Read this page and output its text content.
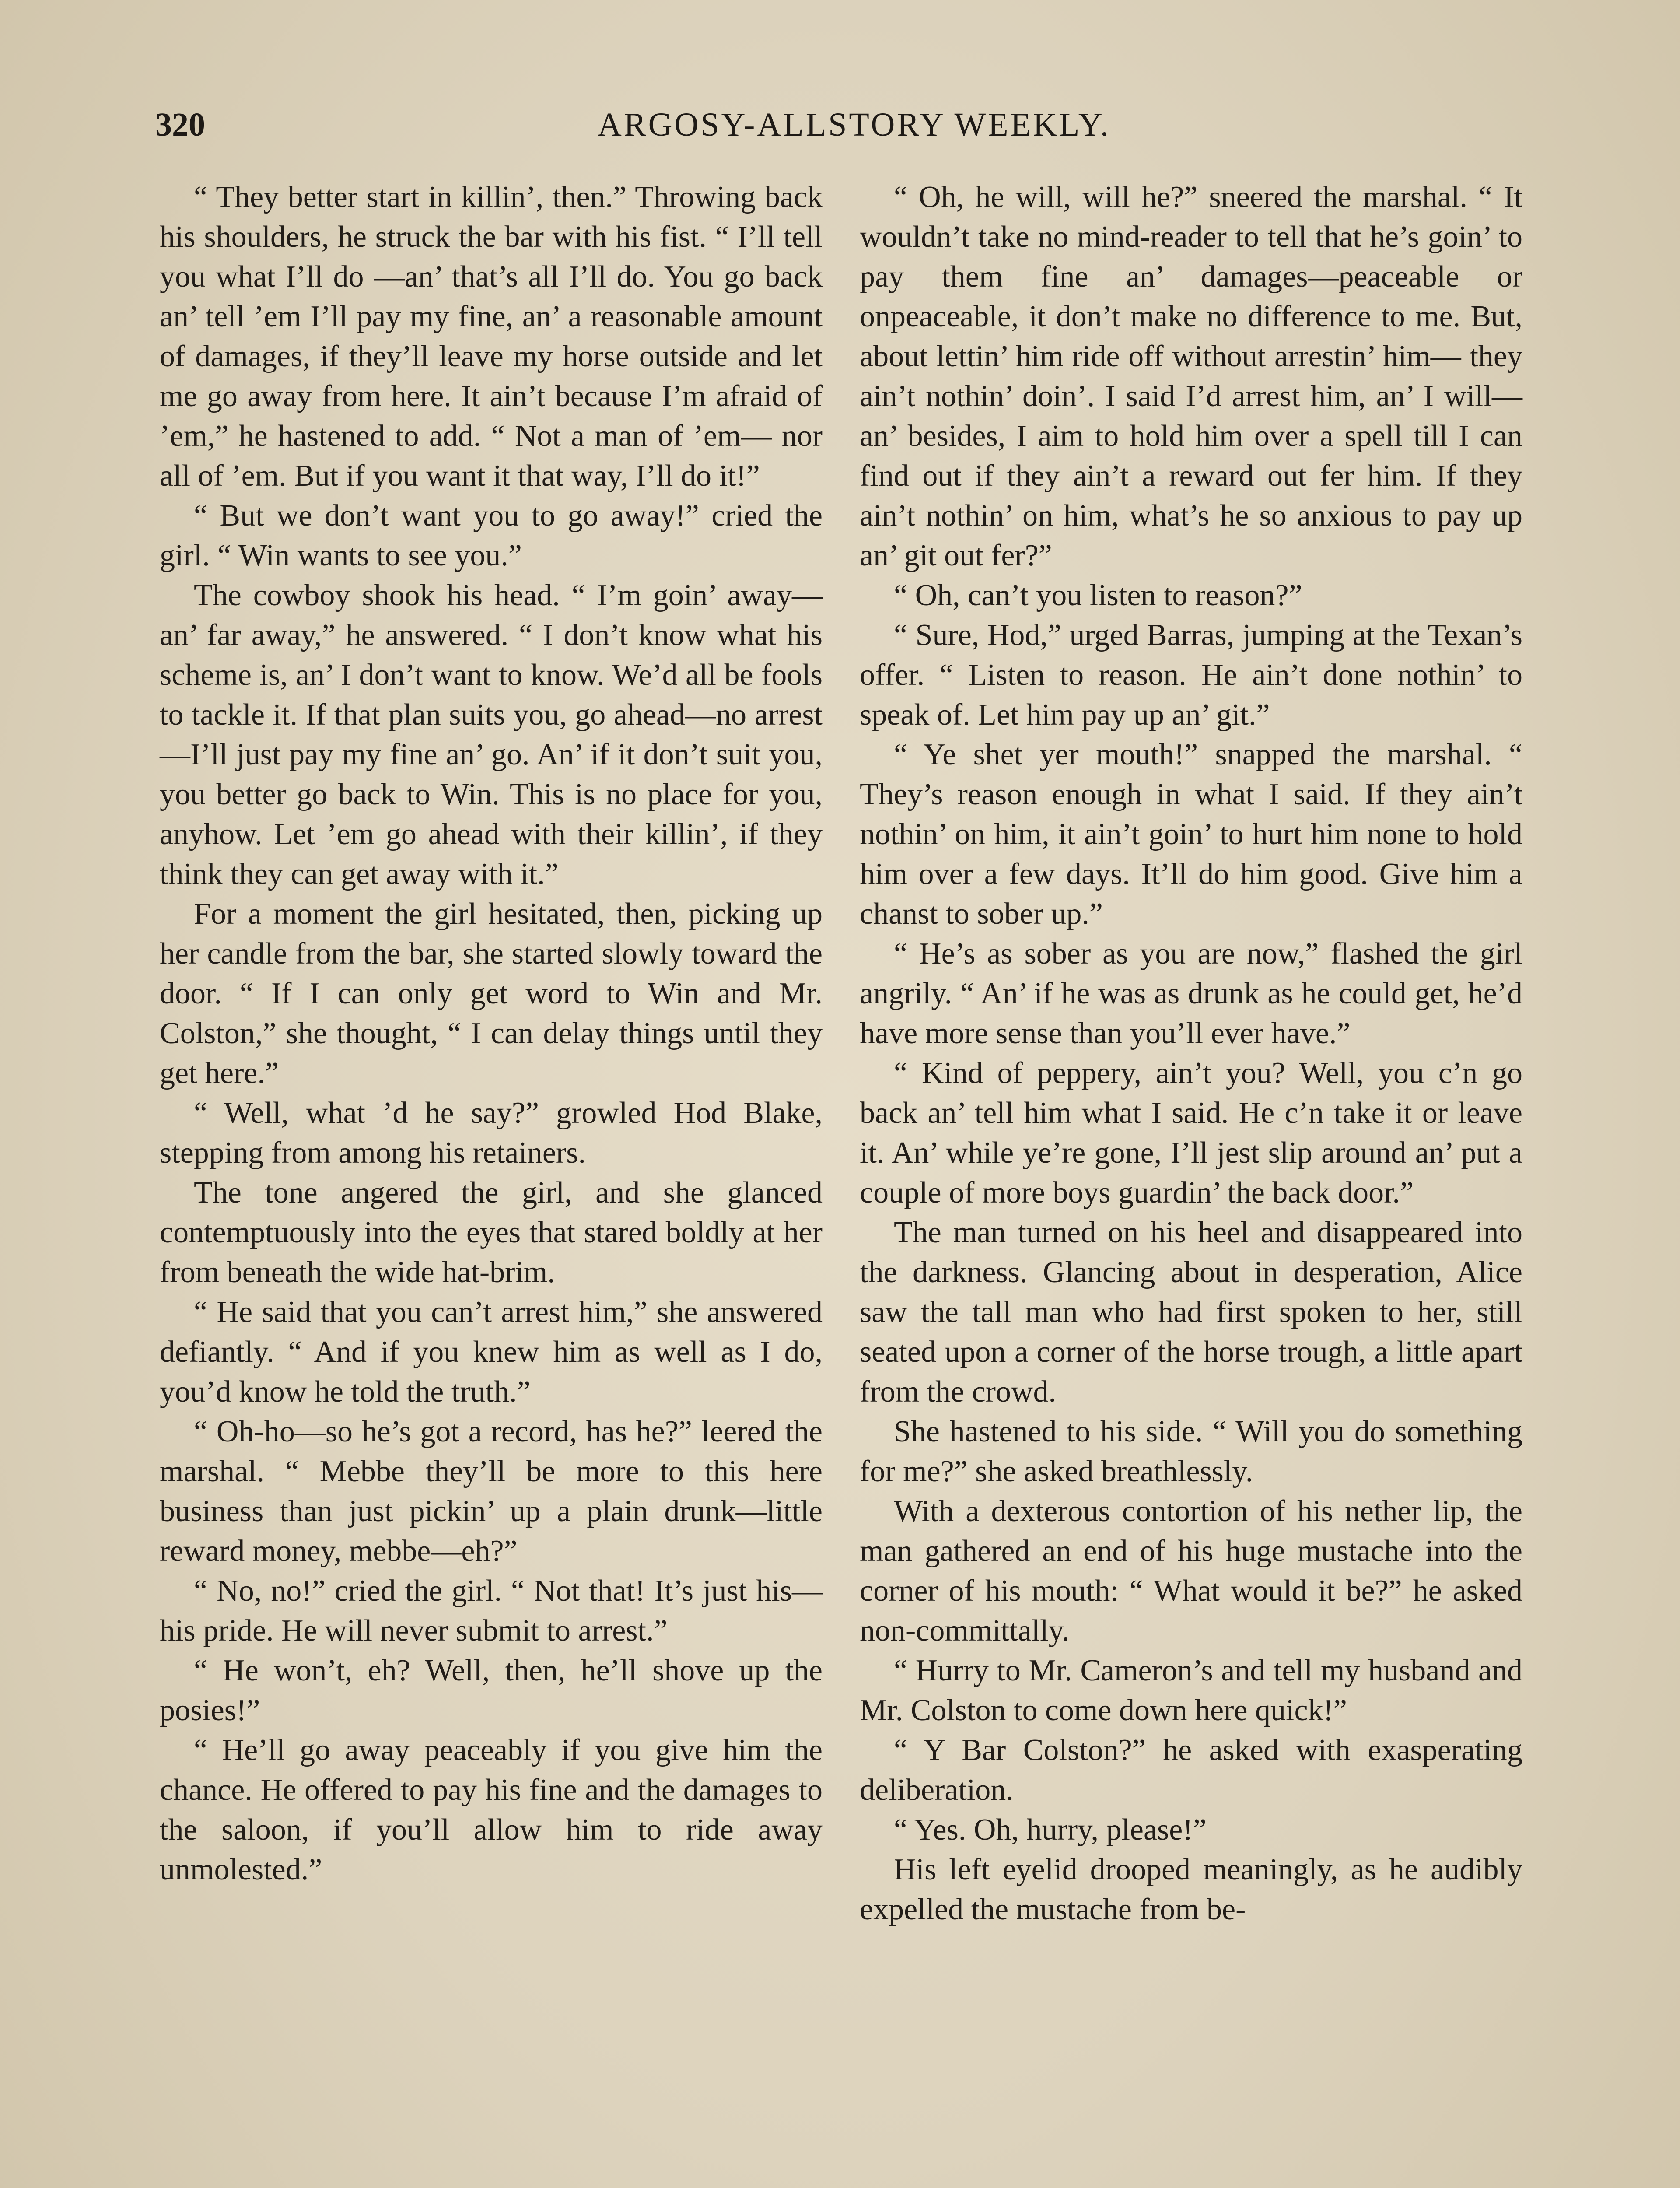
320	ARGOSY-ALLSTORY WEEKLY.

“ They better start in killin’, then.” Throwing back his shoulders, he struck the bar with his fist. “ I’ll tell you what I’ll do —an’ that’s all I’ll do. You go back an’ tell ’em I’ll pay my fine, an’ a reasonable amount of damages, if they’ll leave my horse outside and let me go away from here. It ain’t because I’m afraid of ’em,” he hastened to add. “ Not a man of ’em— nor all of ’em. But if you want it that way, I’ll do it!”

“ But we don’t want you to go away!” cried the girl. “ Win wants to see you.”

The cowboy shook his head. “ I’m goin’ away—an’ far away,” he answered. “ I don’t know what his scheme is, an’ I don’t want to know. We’d all be fools to tackle it. If that plan suits you, go ahead—no arrest—I’ll just pay my fine an’ go. An’ if it don’t suit you, you better go back to Win. This is no place for you, anyhow. Let ’em go ahead with their killin’, if they think they can get away with it.”

For a moment the girl hesitated, then, picking up her candle from the bar, she started slowly toward the door. “ If I can only get word to Win and Mr. Colston,” she thought, “ I can delay things until they get here.”

“ Well, what ’d he say?” growled Hod Blake, stepping from among his retainers.

The tone angered the girl, and she glanced contemptuously into the eyes that stared boldly at her from beneath the wide hat-brim.

“ He said that you can’t arrest him,” she answered defiantly. “ And if you knew him as well as I do, you’d know he told the truth.”

“ Oh-ho—so he’s got a record, has he?” leered the marshal. “ Mebbe they’ll be more to this here business than just pickin’ up a plain drunk—little reward money, mebbe—eh?”

“ No, no!” cried the girl. “ Not that! It’s just his—his pride. He will never submit to arrest.”

“ He won’t, eh? Well, then, he’ll shove up the posies!”

“ He’ll go away peaceably if you give him the chance. He offered to pay his fine and the damages to the saloon, if you’ll allow him to ride away unmolested.”

“ Oh, he will, will he?” sneered the marshal. “ It wouldn’t take no mind-reader to tell that he’s goin’ to pay them fine an’ damages—peaceable or onpeaceable, it don’t make no difference to me. But, about lettin’ him ride off without arrestin’ him— they ain’t nothin’ doin’. I said I’d arrest him, an’ I will—an’ besides, I aim to hold him over a spell till I can find out if they ain’t a reward out fer him. If they ain’t nothin’ on him, what’s he so anxious to pay up an’ git out fer?”

“ Oh, can’t you listen to reason?”

“ Sure, Hod,” urged Barras, jumping at the Texan’s offer. “ Listen to reason. He ain’t done nothin’ to speak of. Let him pay up an’ git.”

“ Ye shet yer mouth!” snapped the marshal. “ They’s reason enough in what I said. If they ain’t nothin’ on him, it ain’t goin’ to hurt him none to hold him over a few days. It’ll do him good. Give him a chanst to sober up.”

“ He’s as sober as you are now,” flashed the girl angrily. “ An’ if he was as drunk as he could get, he’d have more sense than you’ll ever have.”

“ Kind of peppery, ain’t you? Well, you c’n go back an’ tell him what I said. He c’n take it or leave it. An’ while ye’re gone, I’ll jest slip around an’ put a couple of more boys guardin’ the back door.”

The man turned on his heel and disappeared into the darkness. Glancing about in desperation, Alice saw the tall man who had first spoken to her, still seated upon a corner of the horse trough, a little apart from the crowd.

She hastened to his side. “ Will you do something for me?” she asked breathlessly.

With a dexterous contortion of his nether lip, the man gathered an end of his huge mustache into the corner of his mouth: “ What would it be?” he asked non-committally.

“ Hurry to Mr. Cameron’s and tell my husband and Mr. Colston to come down here quick!”

“ Y Bar Colston?” he asked with exasperating deliberation.

“ Yes. Oh, hurry, please!”

His left eyelid drooped meaningly, as he audibly expelled the mustache from be-
